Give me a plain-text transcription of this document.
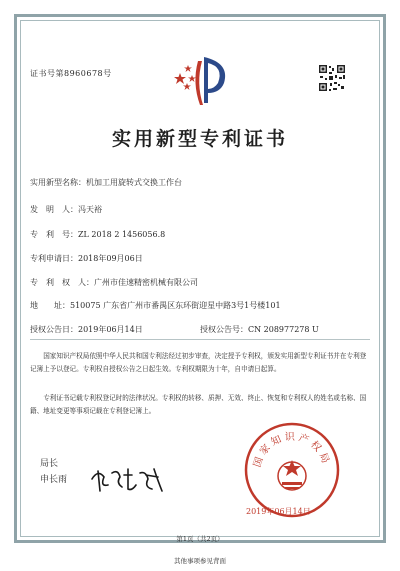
证书号第8960678号
实用新型专利证书
实用新型名称：机加工用旋转式交换工作台
发　明　人：冯天裕
专　利　号：ZL 2018 2 1456056.8
专利申请日：2018年09月06日
专　利　权　人：广州市佳速精密机械有限公司
地　　址：510075 广东省广州市番禺区东环街迎星中路3号1号楼101
授权公告日：2019年06月14日	授权公告号：CN 208977278 U
国家知识产权局依照中华人民共和国专利法经过初步审查，决定授予专利权，颁发实用新型专利证书并在专利登记簿上予以登记。专利权自授权公告之日起生效。专利权期限为十年，自申请日起算。
专利证书记载专利权登记时的法律状况。专利权的转移、质押、无效、终止、恢复和专利权人的姓名或名称、国籍、地址变更等事项记载在专利登记簿上。
局长
申长雨
国家知识产权局
2019年06月14日
第1页（共2页）
其他事项参见背面
